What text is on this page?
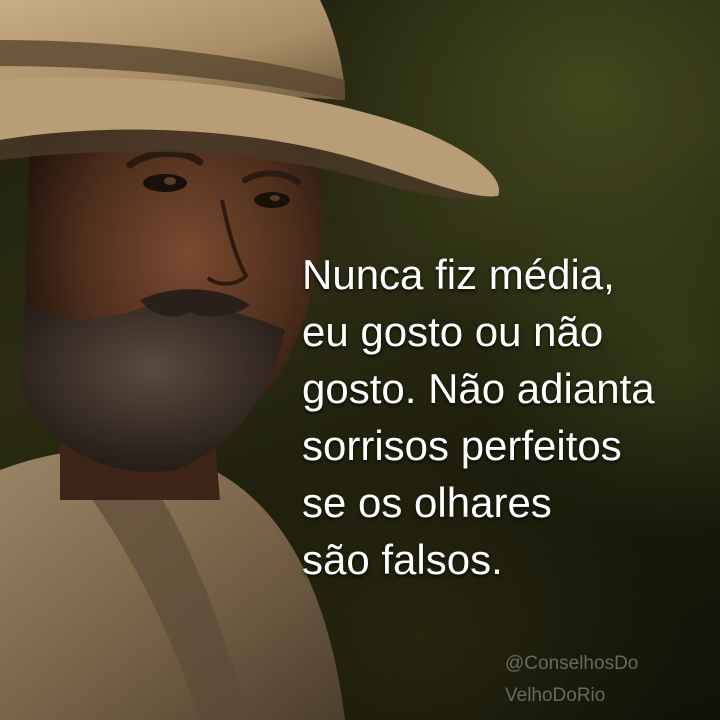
Nunca fiz média,
eu gosto ou não
gosto. Não adianta
sorrisos perfeitos
se os olhares
são falsos.

@ConselhosDo
VelhoDoRio
